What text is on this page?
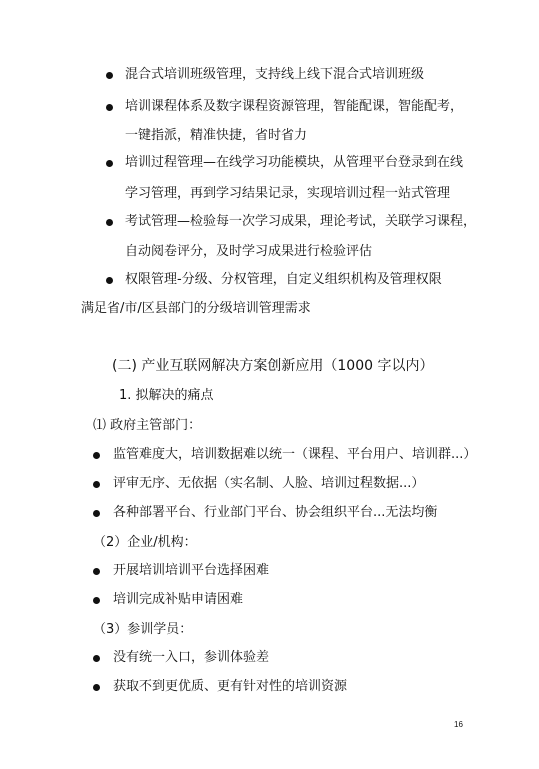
混合式培训班级管理，支持线上线下混合式培训班级
培训课程体系及数字课程资源管理，智能配课，智能配考，
一键指派，精准快捷，省时省力
培训过程管理—在线学习功能模块，从管理平台登录到在线
学习管理，再到学习结果记录，实现培训过程一站式管理
考试管理—检验每一次学习成果，理论考试，关联学习课程，
自动阅卷评分，及时学习成果进行检验评估
权限管理-分级、分权管理，自定义组织机构及管理权限
满足省/市/区县部门的分级培训管理需求
(二) 产业互联网解决方案创新应用（1000 字以内）
1. 拟解决的痛点
⑴ 政府主管部门：
监管难度大，培训数据难以统一（课程、平台用户、培训群...）
评审无序、无依据（实名制、人脸、培训过程数据...）
各种部署平台、行业部门平台、协会组织平台...无法均衡
（2）企业/机构：
开展培训培训平台选择困难
培训完成补贴申请困难
（3）参训学员：
没有统一入口，参训体验差
获取不到更优质、更有针对性的培训资源
16
